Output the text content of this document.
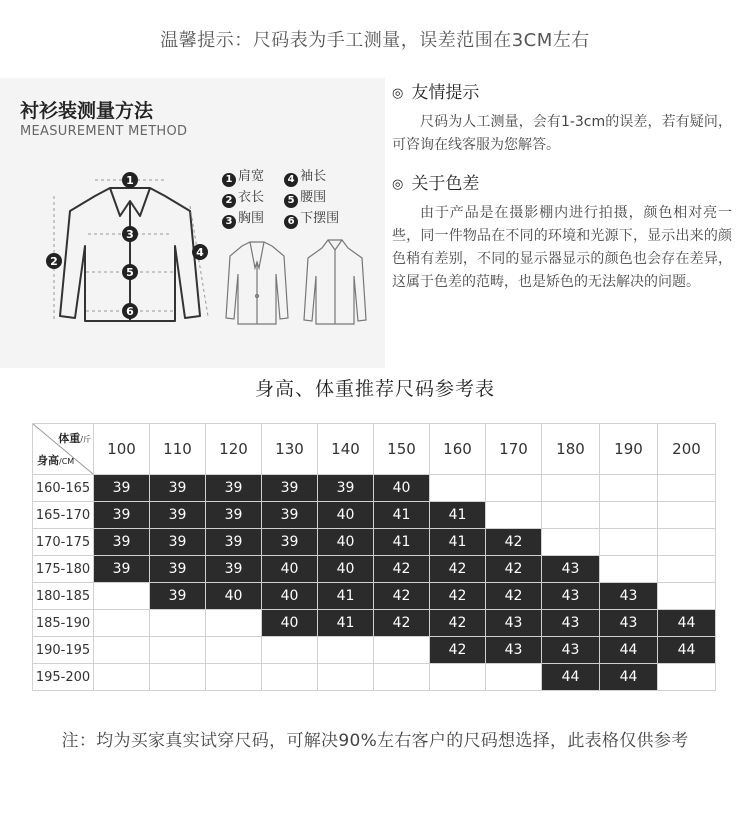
温馨提示：尺码表为手工测量，误差范围在3CM左右
衬衫装测量方法
MEASUREMENT METHOD
1
2
3
4
5
6
1 肩宽 4 袖长
2 衣长 5 腰围
3 胸围 6 下摆围
◎ 友情提示

尺码为人工测量，会有1-3cm的误差，若有疑问，可咨询在线客服为您解答。

◎ 关于色差

由于产品是在摄影棚内进行拍摄，颜色相对亮一些，同一件物品在不同的环境和光源下，显示出来的颜色稍有差别，不同的显示器显示的颜色也会存在差异，这属于色差的范畴，也是矫色的无法解决的问题。

身高、体重推荐尺码参考表
体重/斤
身高/CM	100	110	120	130	140	150	160	170	180	190	200
160-165	39	39	39	39	39	40					
165-170	39	39	39	39	40	41	41				
170-175	39	39	39	39	40	41	41	42			
175-180	39	39	39	40	40	42	42	42	43		
180-185		39	40	40	41	42	42	42	43	43	
185-190				40	41	42	42	43	43	43	44
190-195							42	43	43	44	44
195-200									44	44	
注：均为买家真实试穿尺码，可解决90%左右客户的尺码想选择，此表格仅供参考
